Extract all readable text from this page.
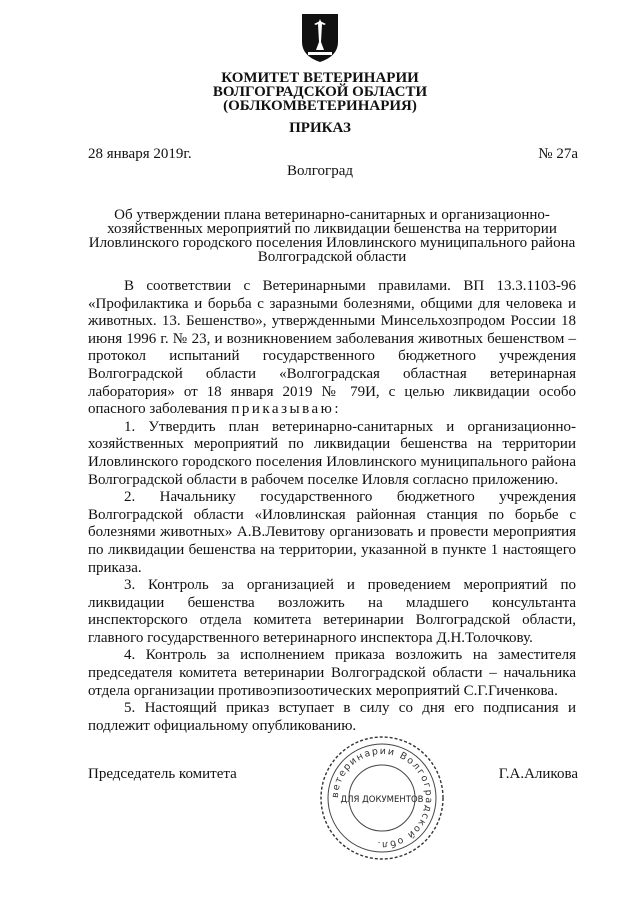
КОМИТЕТ ВЕТЕРИНАРИИ
ВОЛГОГРАДСКОЙ ОБЛАСТИ
(ОБЛКОМВЕТЕРИНАРИЯ)
ПРИКАЗ
28 января 2019г.	№ 27а
Волгоград
Об утверждении плана ветеринарно-санитарных и организационно-хозяйственных мероприятий по ликвидации бешенства на территории Иловлинского городского поселения Иловлинского муниципального района Волгоградской области

В соответствии с Ветеринарными правилами. ВП 13.3.1103-96 «Профилактика и борьба с заразными болезнями, общими для человека и животных. 13. Бешенство», утвержденными Минсельхозпродом России 18 июня 1996 г. № 23, и возникновением заболевания животных бешенством – протокол испытаний государственного бюджетного учреждения Волгоградской области «Волгоградская областная ветеринарная лаборатория» от 18 января 2019 № 79И, с целью ликвидации особо опасного заболевания приказываю:

1. Утвердить план ветеринарно-санитарных и организационно-хозяйственных мероприятий по ликвидации бешенства на территории Иловлинского городского поселения Иловлинского муниципального района Волгоградской области в рабочем поселке Иловля согласно приложению.

2. Начальнику государственного бюджетного учреждения Волгоградской области «Иловлинская районная станция по борьбе с болезнями животных» А.В.Левитову организовать и провести мероприятия по ликвидации бешенства на территории, указанной в пункте 1 настоящего приказа.

3. Контроль за организацией и проведением мероприятий по ликвидации бешенства возложить на младшего консультанта инспекторского отдела комитета ветеринарии Волгоградской области, главного государственного ветеринарного инспектора Д.Н.Толочкову.

4. Контроль за исполнением приказа возложить на заместителя председателя комитета ветеринарии Волгоградской области – начальника отдела организации противоэпизоотических мероприятий С.Г.Гиченкова.

5. Настоящий приказ вступает в силу со дня его подписания и подлежит официальному опубликованию.

Председатель комитета	Г.А.Аликова
ветеринарии Волгоградской обл.
ДЛЯ ДОКУМЕНТОВ
